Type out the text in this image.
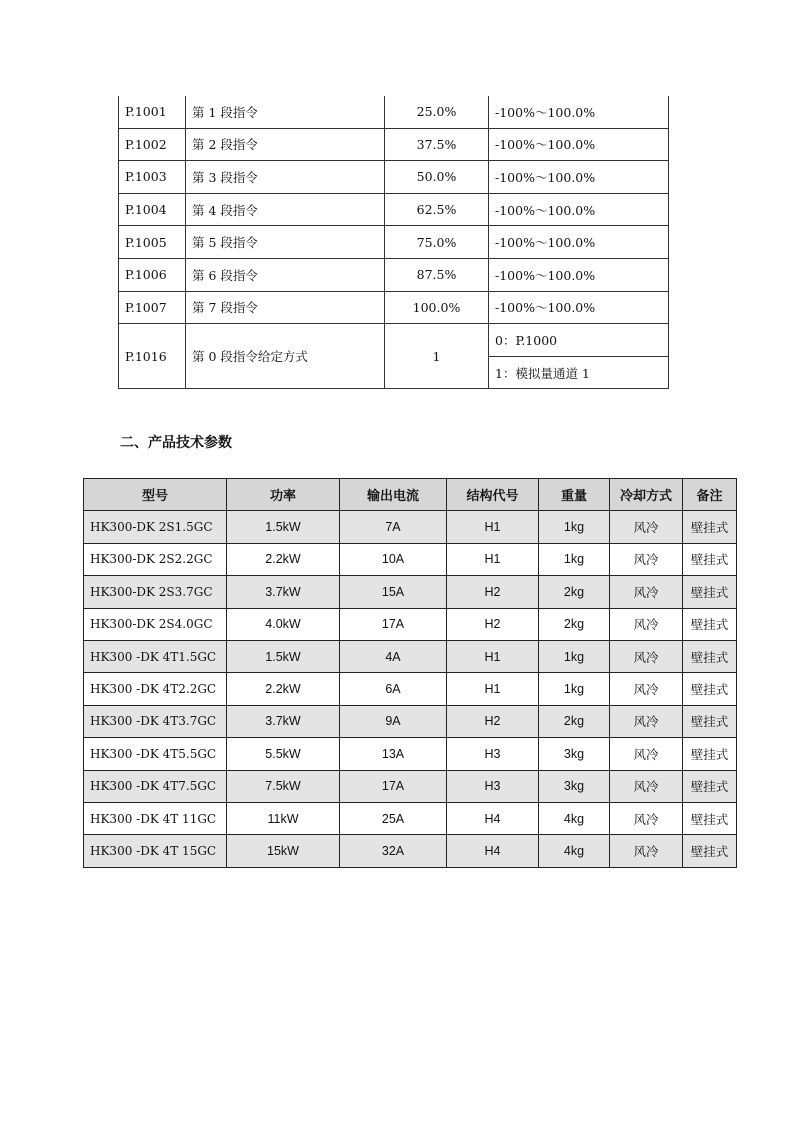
P.1001	第 1 段指令	25.0%	-100%～100.0%
P.1002	第 2 段指令	37.5%	-100%～100.0%
P.1003	第 3 段指令	50.0%	-100%～100.0%
P.1004	第 4 段指令	62.5%	-100%～100.0%
P.1005	第 5 段指令	75.0%	-100%～100.0%
P.1006	第 6 段指令	87.5%	-100%～100.0%
P.1007	第 7 段指令	100.0%	-100%～100.0%
P.1016	第 0 段指令给定方式	1	0：P.1000
			1：模拟量通道 1
二、产品技术参数
型号	功率	输出电流	结构代号	重量	冷却方式	备注
HK300-DK 2S1.5GC	1.5kW	7A	H1	1kg	风冷	壁挂式
HK300-DK 2S2.2GC	2.2kW	10A	H1	1kg	风冷	壁挂式
HK300-DK 2S3.7GC	3.7kW	15A	H2	2kg	风冷	壁挂式
HK300-DK 2S4.0GC	4.0kW	17A	H2	2kg	风冷	壁挂式
HK300 -DK 4T1.5GC	1.5kW	4A	H1	1kg	风冷	壁挂式
HK300 -DK 4T2.2GC	2.2kW	6A	H1	1kg	风冷	壁挂式
HK300 -DK 4T3.7GC	3.7kW	9A	H2	2kg	风冷	壁挂式
HK300 -DK 4T5.5GC	5.5kW	13A	H3	3kg	风冷	壁挂式
HK300 -DK 4T7.5GC	7.5kW	17A	H3	3kg	风冷	壁挂式
HK300 -DK 4T 11GC	11kW	25A	H4	4kg	风冷	壁挂式
HK300 -DK 4T 15GC	15kW	32A	H4	4kg	风冷	壁挂式
